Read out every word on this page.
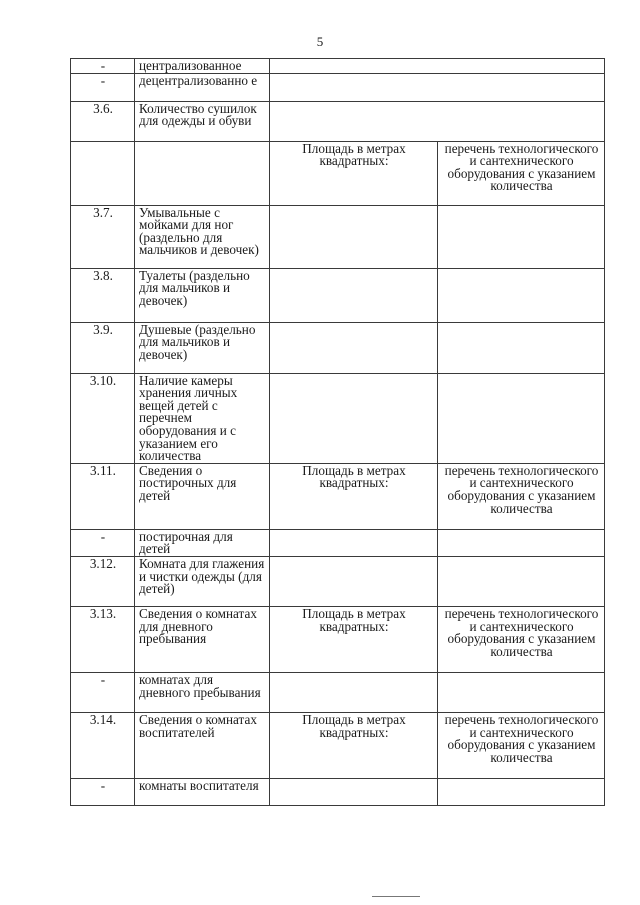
5
-	централизованное		
-	децентрализованно е		
3.6.	Количество сушилок для одежды и обуви		
		Площадь в метрах квадратных:	перечень технологического и сантехнического оборудования с указанием количества
3.7.	Умывальные с мойками для ног (раздельно для мальчиков и девочек)		
3.8.	Туалеты (раздельно для мальчиков и девочек)		
3.9.	Душевые (раздельно для мальчиков и девочек)		
3.10.	Наличие камеры хранения личных вещей детей с перечнем оборудования и с указанием его количества		
3.11.	Сведения о постирочных для детей	Площадь в метрах квадратных:	перечень технологического и сантехнического оборудования с указанием количества
-	постирочная для детей		
3.12.	Комната для глажения и чистки одежды (для детей)		
3.13.	Сведения о комнатах для дневного пребывания	Площадь в метрах квадратных:	перечень технологического и сантехнического оборудования с указанием количества
-	комнатах для дневного пребывания		
3.14.	Сведения о комнатах воспитателей	Площадь в метрах квадратных:	перечень технологического и сантехнического оборудования с указанием количества
-	комнаты воспитателя		
